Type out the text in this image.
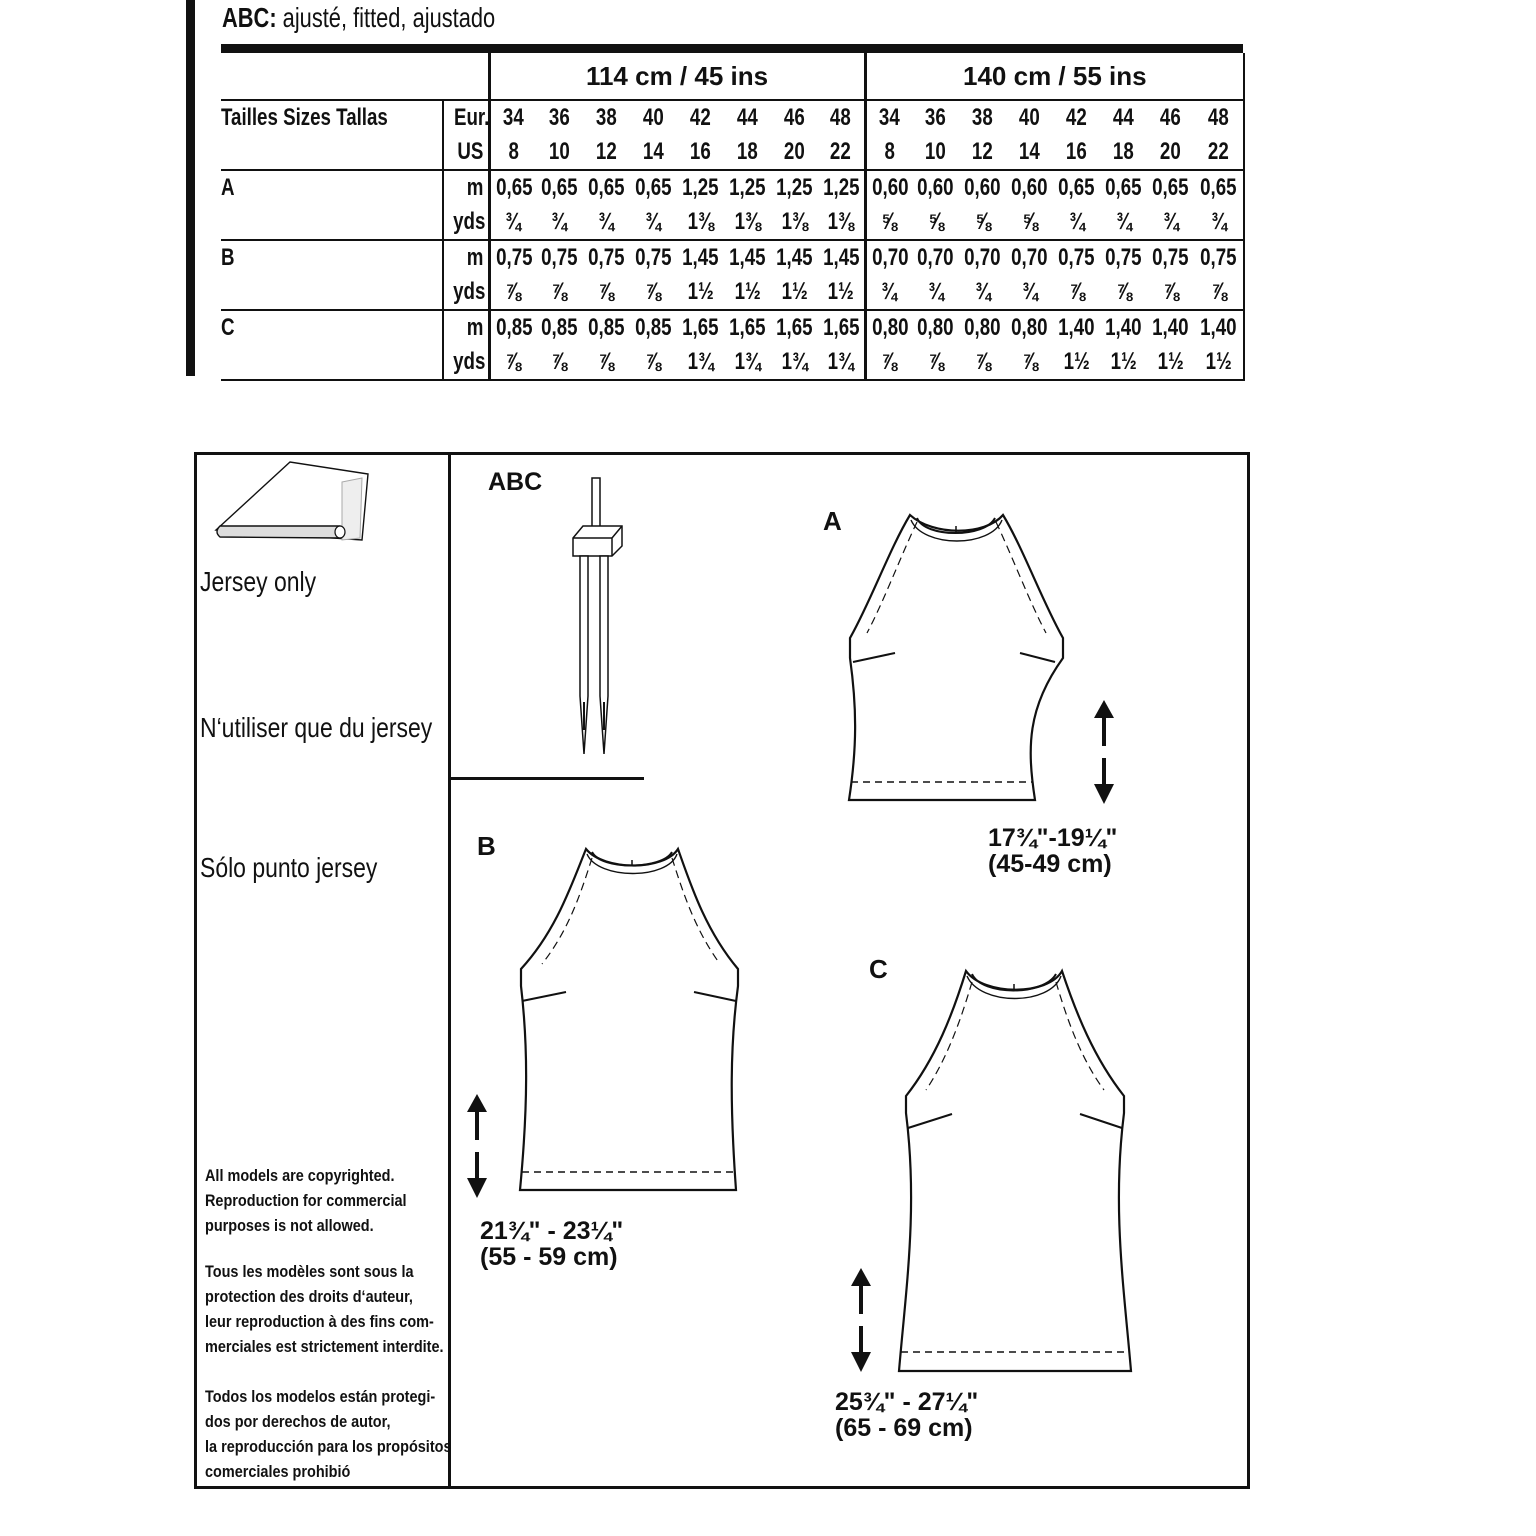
ABC: ajusté, fitted, ajustado
		114 cm / 45 ins								140 cm / 55 ins							
Tailles Sizes Tallas	Eur.	34	36	38	40	42	44	46	48	34	36	38	40	42	44	46	48
	US	8	10	12	14	16	18	20	22	8	10	12	14	16	18	20	22
A	m	0,65	0,65	0,65	0,65	1,25	1,25	1,25	1,25	0,60	0,60	0,60	0,60	0,65	0,65	0,65	0,65
	yds	¾	¾	¾	¾	1⅜	1⅜	1⅜	1⅜	⅝	⅝	⅝	⅝	¾	¾	¾	¾
B	m	0,75	0,75	0,75	0,75	1,45	1,45	1,45	1,45	0,70	0,70	0,70	0,70	0,75	0,75	0,75	0,75
	yds	⅞	⅞	⅞	⅞	1½	1½	1½	1½	¾	¾	¾	¾	⅞	⅞	⅞	⅞
C	m	0,85	0,85	0,85	0,85	1,65	1,65	1,65	1,65	0,80	0,80	0,80	0,80	1,40	1,40	1,40	1,40
	yds	⅞	⅞	⅞	⅞	1¾	1¾	1¾	1¾	⅞	⅞	⅞	⅞	1½	1½	1½	1½
Jersey only
N‘utiliser que du jersey
Sólo punto jersey
All models are copyrighted.
Reproduction for commercial
purposes is not allowed.
Tous les modèles sont sous la
protection des droits d‘auteur,
leur reproduction à des fins com-
merciales est strictement interdite.
Todos los modelos están protegi-
dos por derechos de autor,
la reproducción para los propósitos
comerciales prohibió
ABC
A
B
C
17¾"-19¼"
(45-49 cm)
21¾" - 23¼"
(55 - 59 cm)
25¾" - 27¼"
(65 - 69 cm)
